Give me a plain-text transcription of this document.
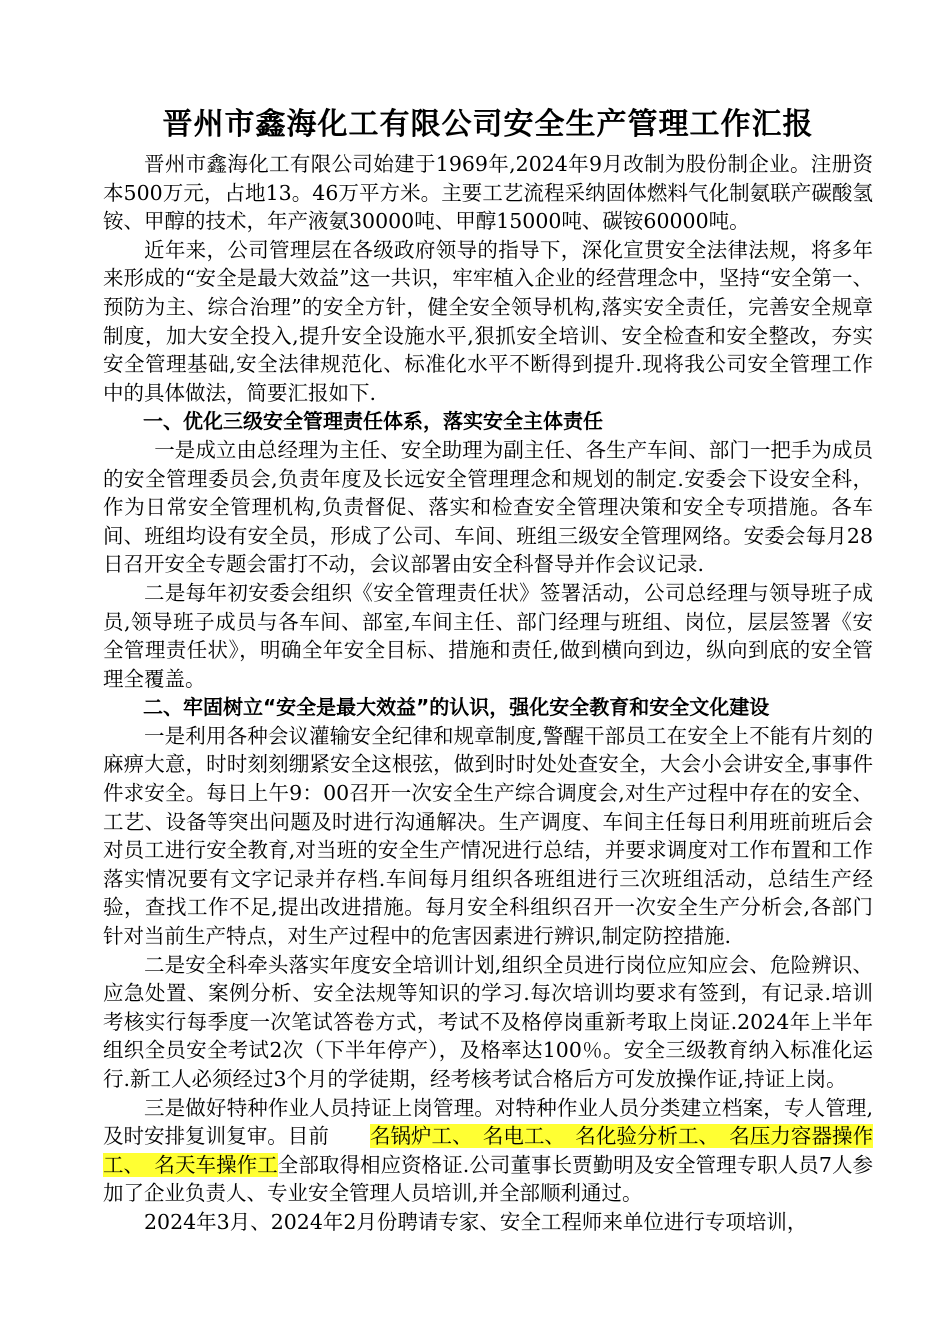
晋州市鑫海化工有限公司安全生产管理工作汇报

晋州市鑫海化工有限公司始建于1969年,2024年9月改制为股份制企业。注册资本500万元，占地13。46万平方米。主要工艺流程采纳固体燃料气化制氨联产碳酸氢铵、甲醇的技术，年产液氨30000吨、甲醇15000吨、碳铵60000吨。

近年来，公司管理层在各级政府领导的指导下，深化宣贯安全法律法规，将多年来形成的“安全是最大效益”这一共识，牢牢植入企业的经营理念中，坚持“安全第一、预防为主、综合治理”的安全方针，健全安全领导机构,落实安全责任，完善安全规章制度，加大安全投入,提升安全设施水平,狠抓安全培训、安全检查和安全整改，夯实安全管理基础,安全法律规范化、标准化水平不断得到提升.现将我公司安全管理工作中的具体做法，简要汇报如下.

一、优化三级安全管理责任体系，落实安全主体责任

一是成立由总经理为主任、安全助理为副主任、各生产车间、部门一把手为成员的安全管理委员会,负责年度及长远安全管理理念和规划的制定.安委会下设安全科，作为日常安全管理机构,负责督促、落实和检查安全管理决策和安全专项措施。各车间、班组均设有安全员，形成了公司、车间、班组三级安全管理网络。安委会每月28日召开安全专题会雷打不动，会议部署由安全科督导并作会议记录.

二是每年初安委会组织《安全管理责任状》签署活动，公司总经理与领导班子成员,领导班子成员与各车间、部室,车间主任、部门经理与班组、岗位，层层签署《安全管理责任状》，明确全年安全目标、措施和责任,做到横向到边，纵向到底的安全管理全覆盖。

二、牢固树立“安全是最大效益”的认识，强化安全教育和安全文化建设

一是利用各种会议灌输安全纪律和规章制度,警醒干部员工在安全上不能有片刻的麻痹大意，时时刻刻绷紧安全这根弦，做到时时处处查安全，大会小会讲安全,事事件件求安全。每日上午9：00召开一次安全生产综合调度会,对生产过程中存在的安全、工艺、设备等突出问题及时进行沟通解决。生产调度、车间主任每日利用班前班后会对员工进行安全教育,对当班的安全生产情况进行总结，并要求调度对工作布置和工作落实情况要有文字记录并存档.车间每月组织各班组进行三次班组活动，总结生产经验，查找工作不足,提出改进措施。每月安全科组织召开一次安全生产分析会,各部门针对当前生产特点，对生产过程中的危害因素进行辨识,制定防控措施.

二是安全科牵头落实年度安全培训计划,组织全员进行岗位应知应会、危险辨识、应急处置、案例分析、安全法规等知识的学习.每次培训均要求有签到，有记录.培训考核实行每季度一次笔试答卷方式，考试不及格停岗重新考取上岗证.2024年上半年组织全员安全考试2次（下半年停产），及格率达100％。安全三级教育纳入标准化运行.新工人必须经过3个月的学徒期，经考核考试合格后方可发放操作证,持证上岗。

三是做好特种作业人员持证上岗管理。对特种作业人员分类建立档案，专人管理,及时安排复训复审。目前　　名锅炉工、　名电工、　名化验分析工、　名压力容器操作工、　名天车操作工全部取得相应资格证.公司董事长贾勤明及安全管理专职人员7人参加了企业负责人、专业安全管理人员培训,并全部顺利通过。

2024年3月、2024年2月份聘请专家、安全工程师来单位进行专项培训，
